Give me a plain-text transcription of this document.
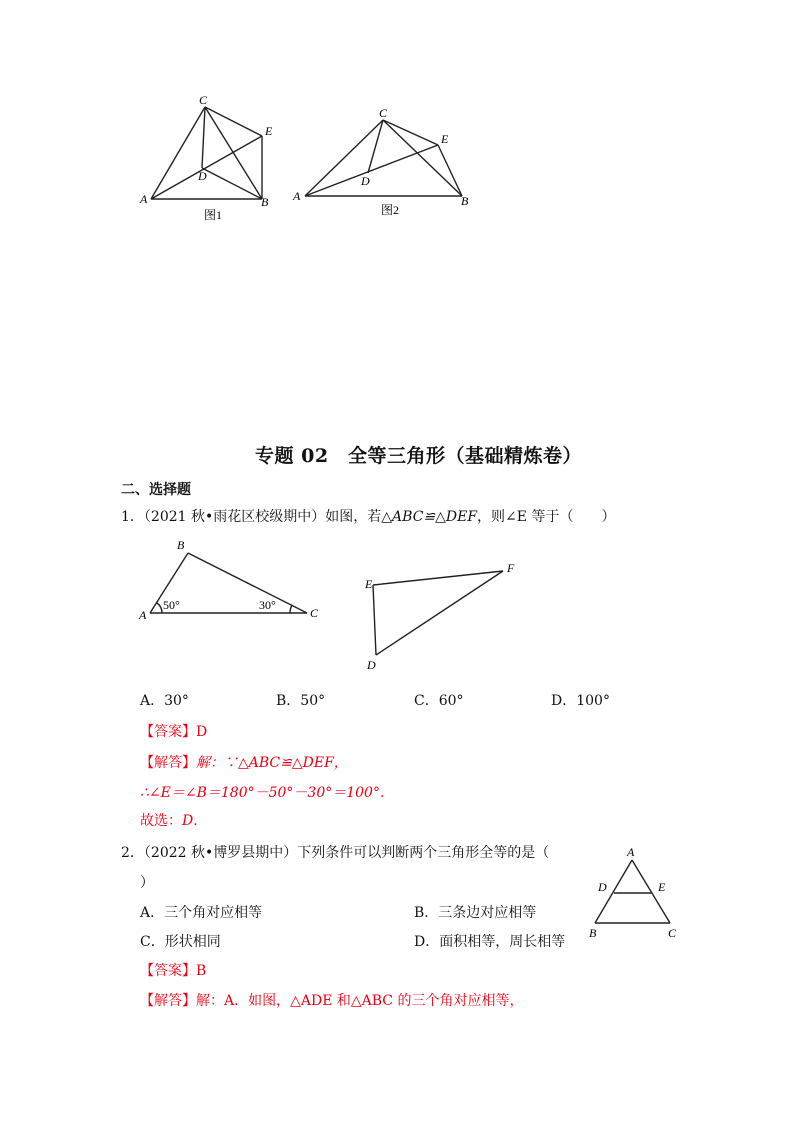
C
E
D
A	B
图1
C
E
D
A	B
图2
专题 02　全等三角形（基础精炼卷）
二、选择题
1．（2021 秋•雨花区校级期中）如图，若△ABC≌△DEF，则∠E 等于（　　）
B
A	C
50°	30°
E
F
D
A．30°	B．50°	C．60°	D．100°
【答案】D
【解答】解：∵△ABC≌△DEF，
∴∠E＝∠B＝180°－50°－30°＝100°.
故选：D.
2．（2022 秋•博罗县期中）下列条件可以判断两个三角形全等的是（
）
A．三个角对应相等	B．三条边对应相等
C．形状相同	D．面积相等，周长相等
A
D	E
B	C
【答案】B
【解答】解：A．如图，△ADE 和△ABC 的三个角对应相等，
